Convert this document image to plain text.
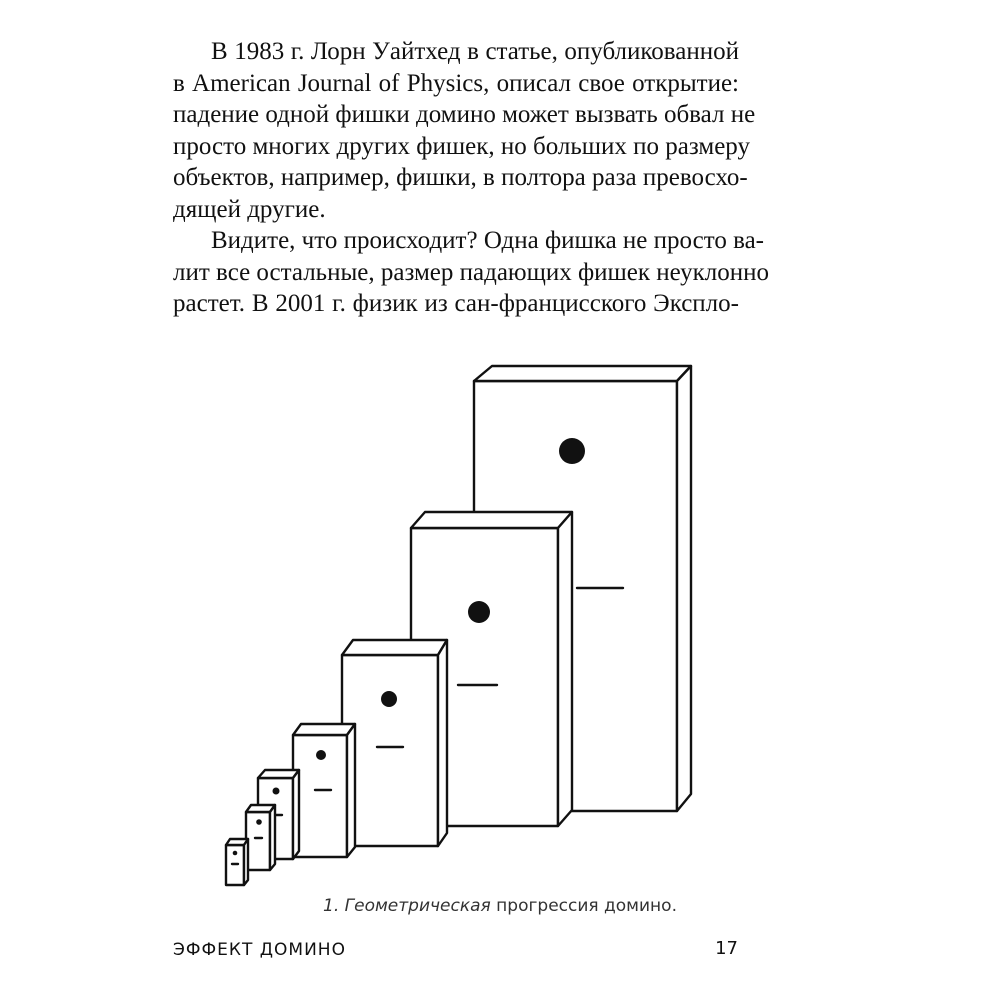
В 1983 г. Лорн Уайтхед в статье, опубликованной
в American Journal of Physics, описал свое открытие:
падение одной фишки домино может вызвать обвал не
просто многих других фишек, но больших по размеру
объектов, например, фишки, в полтора раза превосхо-
дящей другие.

Видите, что происходит? Одна фишка не просто ва-
лит все остальные, размер падающих фишек неуклонно
растет. В 2001 г. физик из сан-францисского Экспло-

1. Геометрическая прогрессия домино.
ЭФФЕКТ ДОМИНО	17
